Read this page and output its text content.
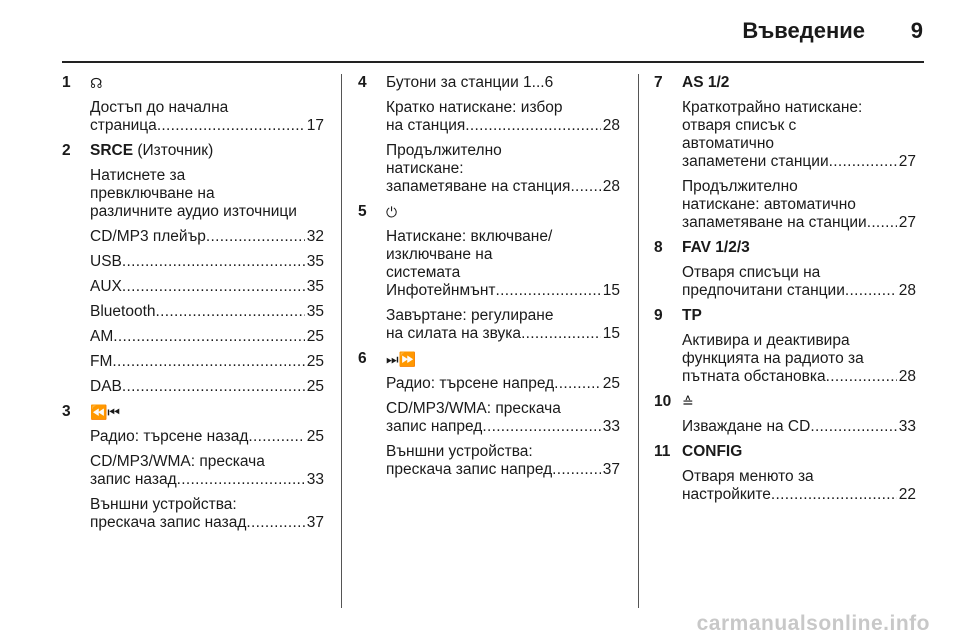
Въведение 9
1	☊
Достъп до начална
страница . . .	17
2	SRCE (Източник)
Натиснете за
превключване на
различните аудио източници
CD/MP3 плейър . . .	32
USB . . .	35
AUX . . .	35
Bluetooth . . .	35
AM . . .	25
FM . . .	25
DAB . . .	25
3	⏪⏮
Радио: търсене назад . . .	25
CD/MP3/WMA: прескача
запис назад . . .	33
Външни устройства:
прескача запис назад . . .	37
4	Бутони за станции 1...6
Кратко натискане: избор
на станция . . .	28
Продължително
натискане:
запаметяване на станция . . . 28
5	⏻
Натискане: включване/
изключване на
системата
Инфотейнмънт . . .	15
Завъртане: регулиране
на силата на звука . . .	15
6	⏭⏩
Радио: търсене напред . . .	25
CD/MP3/WMA: прескача
запис напред . . .	33
Външни устройства:
прескача запис напред . . .	37
7	AS 1/2
Краткотрайно натискане:
отваря списък с
автоматично
запаметени станции . . .	27
Продължително
натискане: автоматично
запаметяване на станции . . . 27
8	FAV 1/2/3
Отваря списъци на
предпочитани станции . . .	28
9	TP
Активира и деактивира
функцията на радиото за
пътната обстановка . . .	28
10 ≙
Изваждане на CD . . .	33
11 CONFIG
Отваря менюто за
настройките . . .	22
carmanualsonline.info
